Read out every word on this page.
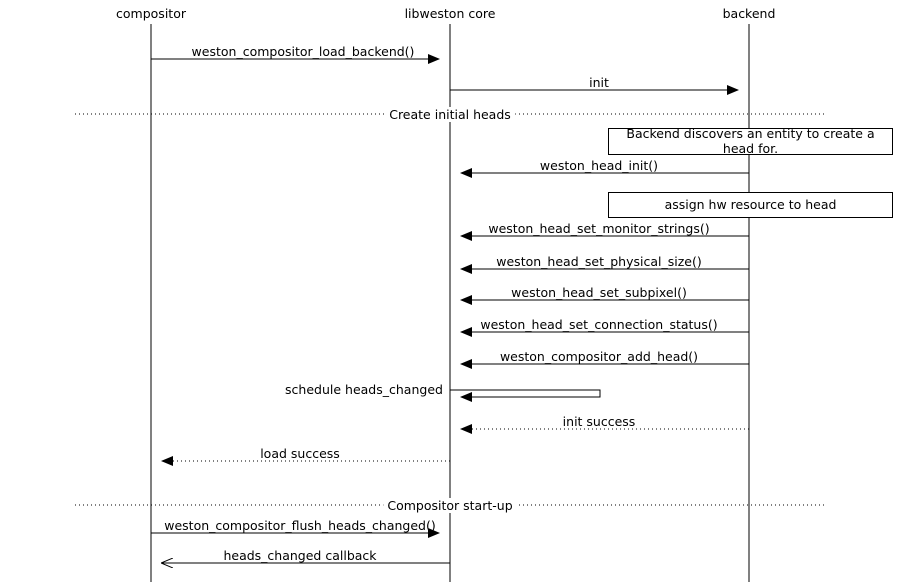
compositor	libweston core	backend
Create initial heads
Compositor start-up
weston_compositor_load_backend()
init
weston_head_init()
weston_head_set_monitor_strings()
weston_head_set_physical_size()
weston_head_set_subpixel()
weston_head_set_connection_status()
weston_compositor_add_head()
schedule heads_changed
init success
load success
weston_compositor_flush_heads_changed()
heads_changed callback
Backend discovers an entity to create a head for.
assign hw resource to head
